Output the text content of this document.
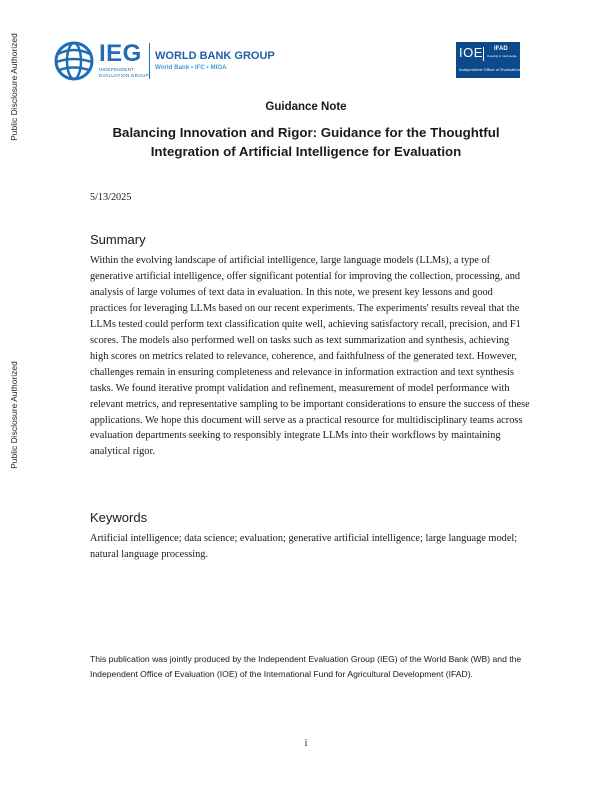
Public Disclosure Authorized
Public Disclosure Authorized
IEG
INDEPENDENT EVALUATION GROUP
WORLD BANK GROUP
World Bank • IFC • MIGA
IOE IFAD
Investing in rural people
Independent Office of Evaluation
Guidance Note
Balancing Innovation and Rigor: Guidance for the Thoughtful Integration of Artificial Intelligence for Evaluation
5/13/2025
Summary
Within the evolving landscape of artificial intelligence, large language models (LLMs), a type of generative artificial intelligence, offer significant potential for improving the collection, processing, and analysis of large volumes of text data in evaluation. In this note, we present key lessons and good practices for leveraging LLMs based on our recent experiments. The experiments' results reveal that the LLMs tested could perform text classification quite well, achieving satisfactory recall, precision, and F1 scores. The models also performed well on tasks such as text summarization and synthesis, achieving high scores on metrics related to relevance, coherence, and faithfulness of the generated text. However, challenges remain in ensuring completeness and relevance in information extraction and text synthesis tasks. We found iterative prompt validation and refinement, measurement of model performance with relevant metrics, and representative sampling to be important considerations to ensure the success of these applications. We hope this document will serve as a practical resource for multidisciplinary teams across evaluation departments seeking to responsibly integrate LLMs into their workflows by maintaining analytical rigor.
Keywords
Artificial intelligence; data science; evaluation; generative artificial intelligence; large language model; natural language processing.
This publication was jointly produced by the Independent Evaluation Group (IEG) of the World Bank (WB) and the Independent Office of Evaluation (IOE) of the International Fund for Agricultural Development (IFAD).
i
